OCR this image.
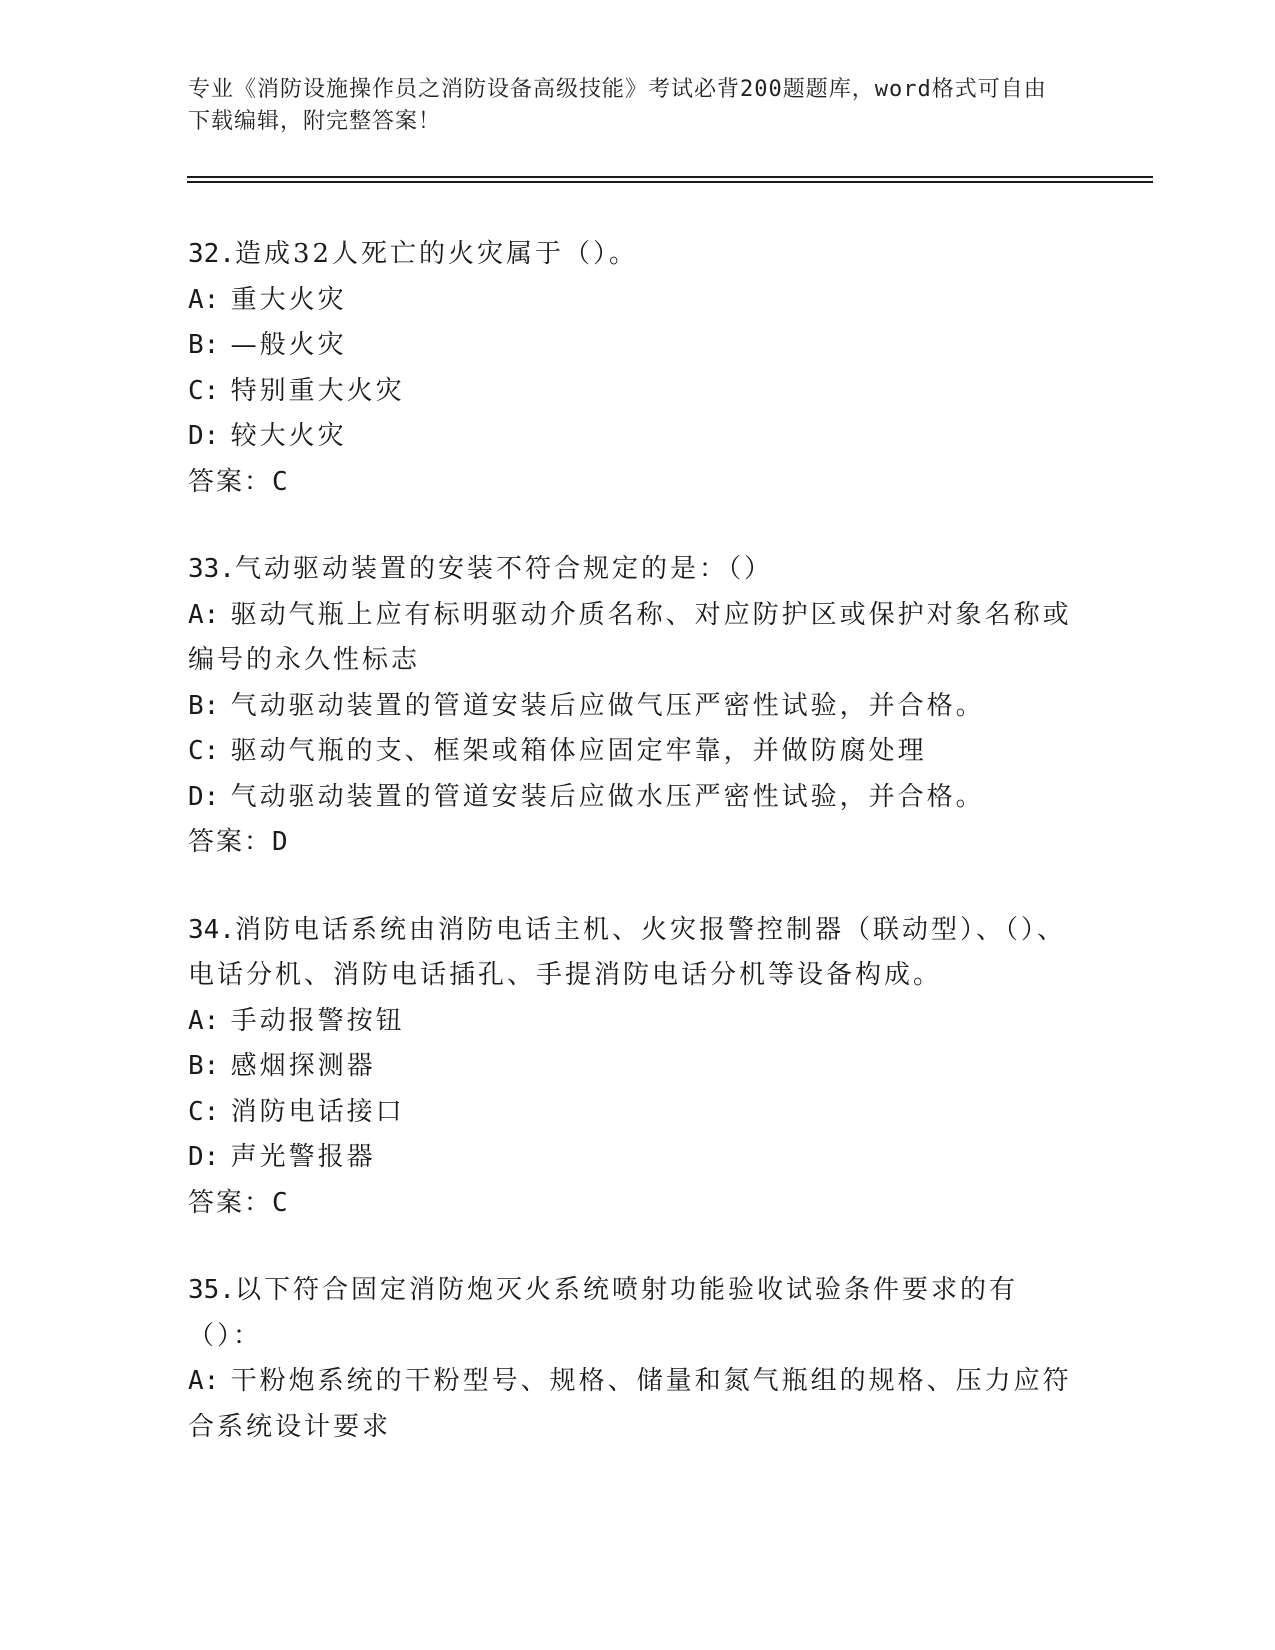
专业《消防设施操作员之消防设备高级技能》考试必背200题题库，word格式可自由下载编辑，附完整答案！
32.造成32人死亡的火灾属于（）。
A: 重大火灾
B: —般火灾
C: 特别重大火灾
D: 较大火灾
答案：C
33.气动驱动装置的安装不符合规定的是：（）
A: 驱动气瓶上应有标明驱动介质名称、对应防护区或保护对象名称或编号的永久性标志
B: 气动驱动装置的管道安装后应做气压严密性试验，并合格。
C: 驱动气瓶的支、框架或箱体应固定牢靠，并做防腐处理
D: 气动驱动装置的管道安装后应做水压严密性试验，并合格。
答案：D
34.消防电话系统由消防电话主机、火灾报警控制器（联动型）、（）、电话分机、消防电话插孔、手提消防电话分机等设备构成。
A: 手动报警按钮
B: 感烟探测器
C: 消防电话接口
D: 声光警报器
答案：C
35.以下符合固定消防炮灭火系统喷射功能验收试验条件要求的有（）：
A: 干粉炮系统的干粉型号、规格、储量和氮气瓶组的规格、压力应符合系统设计要求
